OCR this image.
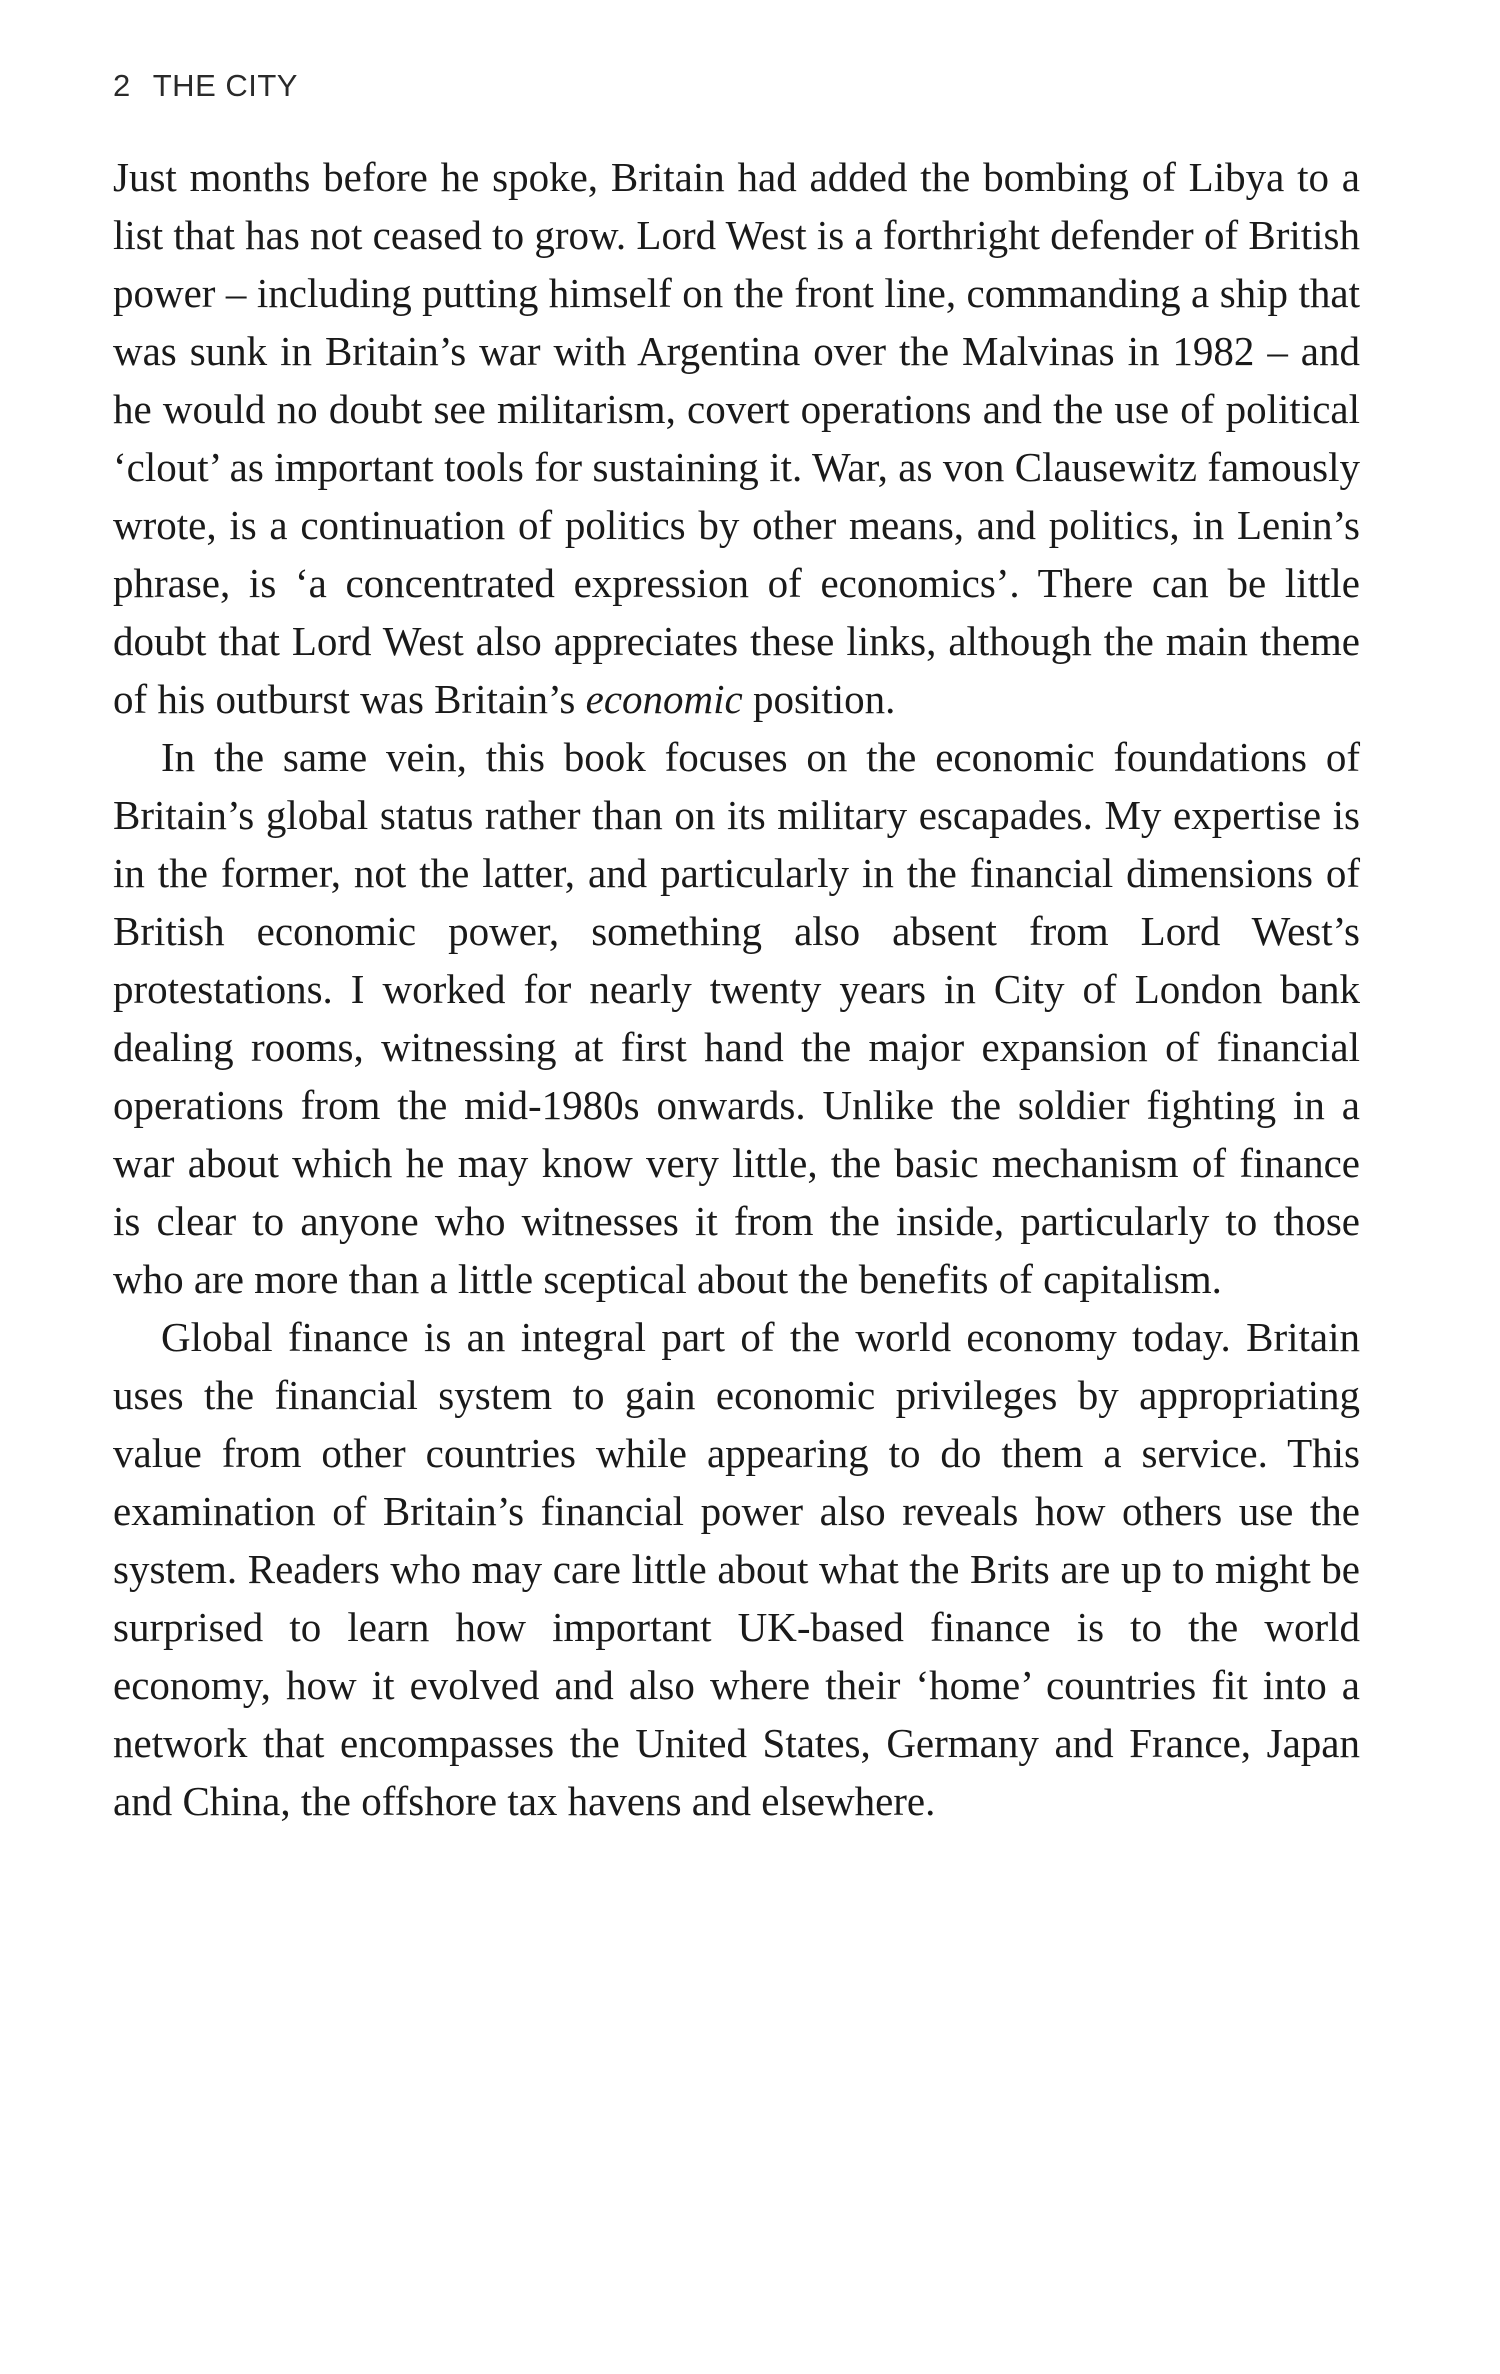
2 THE CITY

Just months before he spoke, Britain had added the bombing of Libya to a list that has not ceased to grow. Lord West is a forthright defender of British power – including putting himself on the front line, commanding a ship that was sunk in Britain’s war with Argentina over the Malvinas in 1982 – and he would no doubt see militarism, covert operations and the use of political ‘clout’ as important tools for sustaining it. War, as von Clausewitz famously wrote, is a continuation of politics by other means, and politics, in Lenin’s phrase, is ‘a concentrated expression of economics’. There can be little doubt that Lord West also appreciates these links, although the main theme of his outburst was Britain’s economic position.

In the same vein, this book focuses on the economic foundations of Britain’s global status rather than on its military escapades. My expertise is in the former, not the latter, and particularly in the financial dimensions of British economic power, something also absent from Lord West’s protestations. I worked for nearly twenty years in City of London bank dealing rooms, witnessing at first hand the major expansion of financial operations from the mid-1980s onwards. Unlike the soldier fighting in a war about which he may know very little, the basic mechanism of finance is clear to anyone who witnesses it from the inside, particularly to those who are more than a little sceptical about the benefits of capitalism.

Global finance is an integral part of the world economy today. Britain uses the financial system to gain economic privileges by appropriating value from other countries while appearing to do them a service. This examination of Britain’s financial power also reveals how others use the system. Readers who may care little about what the Brits are up to might be surprised to learn how important UK-based finance is to the world economy, how it evolved and also where their ‘home’ countries fit into a network that encompasses the United States, Germany and France, Japan and China, the offshore tax havens and elsewhere.
